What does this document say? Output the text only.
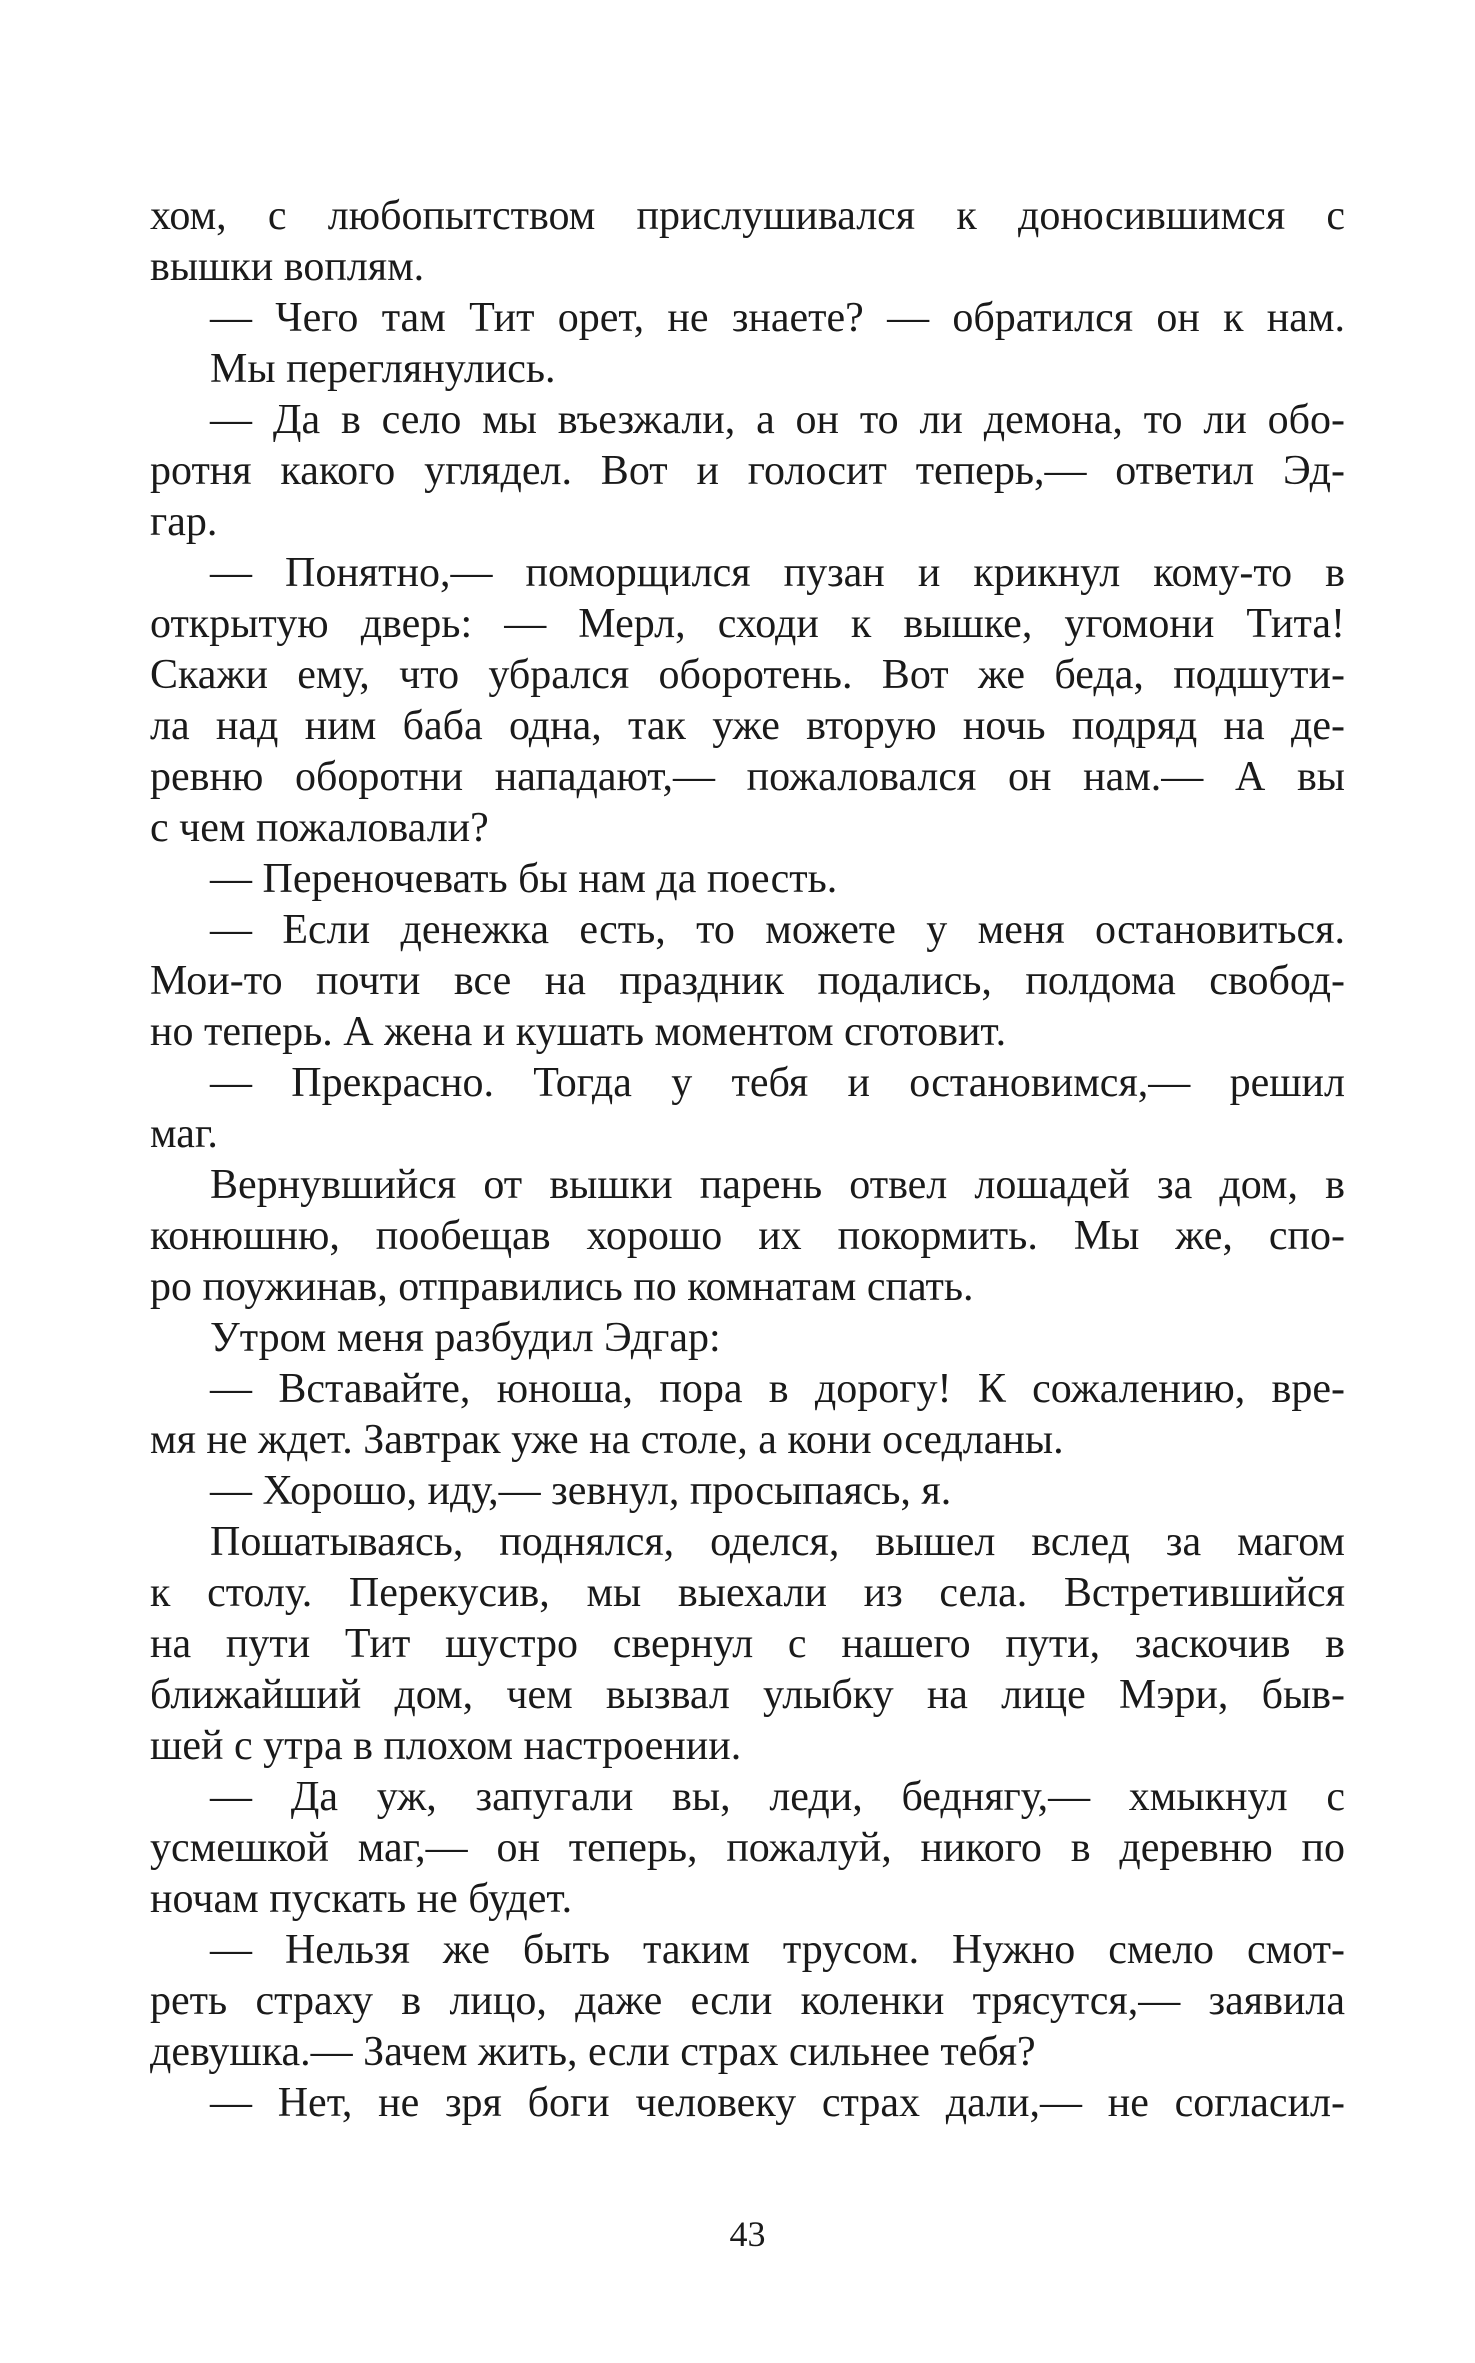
хом, с любопытством прислушивался к доносившимся с
вышки воплям.
— Чего там Тит орет, не знаете? — обратился он к нам.
Мы переглянулись.
— Да в село мы въезжали, а он то ли демона, то ли обо-
ротня какого углядел. Вот и голосит теперь,— ответил Эд-
гар.
— Понятно,— поморщился пузан и крикнул кому-то в
открытую дверь: — Мерл, сходи к вышке, угомони Тита!
Скажи ему, что убрался оборотень. Вот же беда, подшути-
ла над ним баба одна, так уже вторую ночь подряд на де-
ревню оборотни нападают,— пожаловался он нам.— А вы
с чем пожаловали?
— Переночевать бы нам да поесть.
— Если денежка есть, то можете у меня остановиться.
Мои-то почти все на праздник подались, полдома свобод-
но теперь. А жена и кушать моментом сготовит.
— Прекрасно. Тогда у тебя и остановимся,— решил
маг.
Вернувшийся от вышки парень отвел лошадей за дом, в
конюшню, пообещав хорошо их покормить. Мы же, спо-
ро поужинав, отправились по комнатам спать.
Утром меня разбудил Эдгар:
— Вставайте, юноша, пора в дорогу! К сожалению, вре-
мя не ждет. Завтрак уже на столе, а кони оседланы.
— Хорошо, иду,— зевнул, просыпаясь, я.
Пошатываясь, поднялся, оделся, вышел вслед за магом
к столу. Перекусив, мы выехали из села. Встретившийся
на пути Тит шустро свернул с нашего пути, заскочив в
ближайший дом, чем вызвал улыбку на лице Мэри, быв-
шей с утра в плохом настроении.
— Да уж, запугали вы, леди, беднягу,— хмыкнул с
усмешкой маг,— он теперь, пожалуй, никого в деревню по
ночам пускать не будет.
— Нельзя же быть таким трусом. Нужно смело смот-
реть страху в лицо, даже если коленки трясутся,— заявила
девушка.— Зачем жить, если страх сильнее тебя?
— Нет, не зря боги человеку страх дали,— не согласил-
43
